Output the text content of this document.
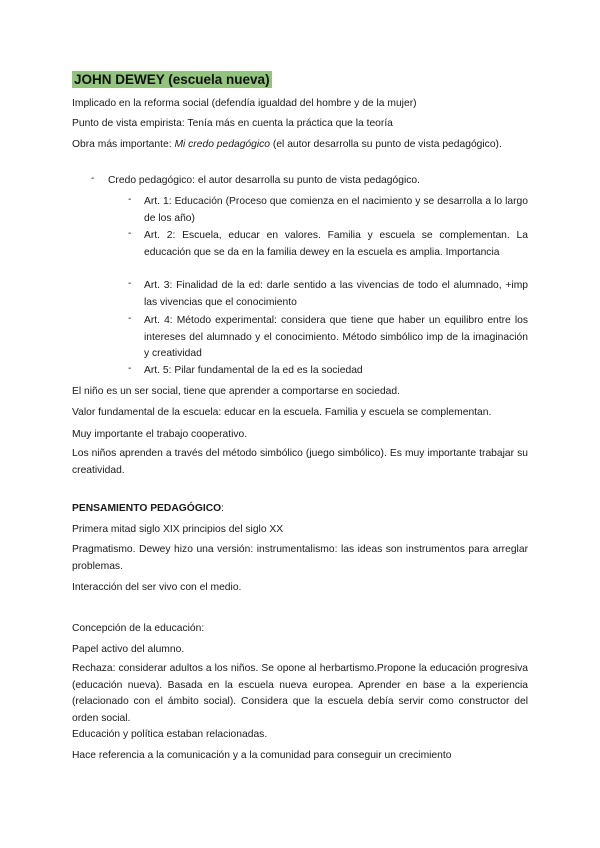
JOHN DEWEY (escuela nueva)
Implicado en la reforma social (defendía igualdad del hombre y de la mujer)
Punto de vista empirista: Tenía más en cuenta la práctica que la teoría
Obra más importante: Mi credo pedagógico (el autor desarrolla su punto de vista pedagógico).
- Credo pedagógico: el autor desarrolla su punto de vista pedagógico.
- Art. 1: Educación (Proceso que comienza en el nacimiento y se desarrolla a lo largo de los año)
- Art. 2: Escuela, educar en valores. Familia y escuela se complementan. La educación que se da en la familia dewey en la escuela es amplia. Importancia
- Art. 3: Finalidad de la ed: darle sentido a las vivencias de todo el alumnado, +imp las vivencias que el conocimiento
- Art. 4: Método experimental: considera que tiene que haber un equilibro entre los intereses del alumnado y el conocimiento. Método simbólico imp de la imaginación y creatividad
- Art. 5: Pilar fundamental de la ed es la sociedad
El niño es un ser social, tiene que aprender a comportarse en sociedad.
Valor fundamental de la escuela: educar en la escuela. Familia y escuela se complementan.
Muy importante el trabajo cooperativo.
Los niños aprenden a través del método simbólico (juego simbólico). Es muy importante trabajar su creatividad.
PENSAMIENTO PEDAGÓGICO:
Primera mitad siglo XIX principios del siglo XX
Pragmatismo. Dewey hizo una versión: instrumentalismo: las ideas son instrumentos para arreglar problemas.
Interacción del ser vivo con el medio.
Concepción de la educación:
Papel activo del alumno.
Rechaza: considerar adultos a los niños. Se opone al herbartismo.Propone la educación progresiva (educación nueva). Basada en la escuela nueva europea. Aprender en base a la experiencia (relacionado con el ámbito social). Considera que la escuela debía servir como constructor del orden social.
Educación y política estaban relacionadas.
Hace referencia a la comunicación y a la comunidad para conseguir un crecimiento
